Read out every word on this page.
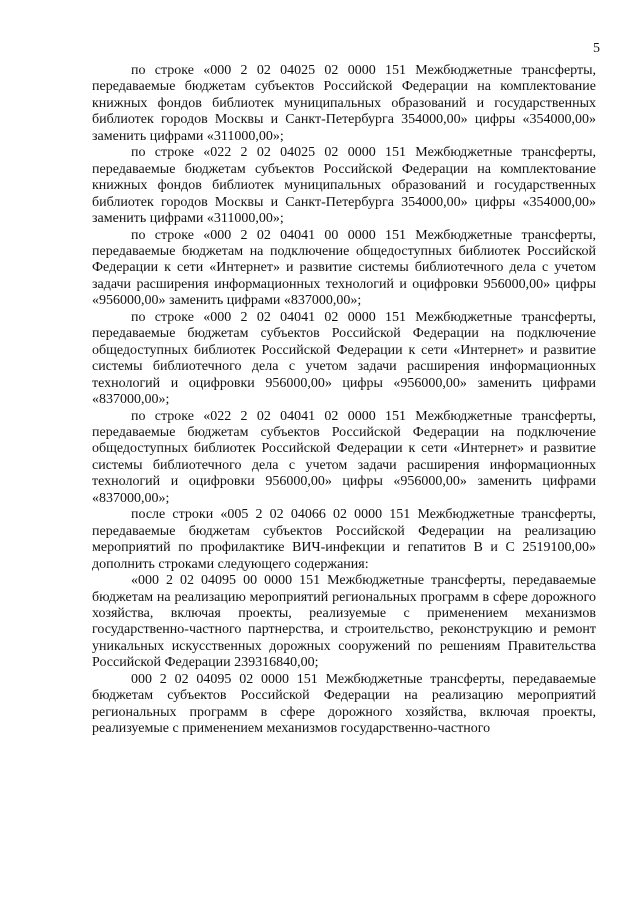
5

по строке «000 2 02 04025 02 0000 151 Межбюджетные трансферты, передаваемые бюджетам субъектов Российской Федерации на комплектование книжных фондов библиотек муниципальных образований и государственных библиотек городов Москвы и Санкт-Петербурга 354000,00» цифры «354000,00» заменить цифрами «311000,00»;

по строке «022 2 02 04025 02 0000 151 Межбюджетные трансферты, передаваемые бюджетам субъектов Российской Федерации на комплектование книжных фондов библиотек муниципальных образований и государственных библиотек городов Москвы и Санкт-Петербурга 354000,00» цифры «354000,00» заменить цифрами «311000,00»;

по строке «000 2 02 04041 00 0000 151 Межбюджетные трансферты, передаваемые бюджетам на подключение общедоступных библиотек Российской Федерации к сети «Интернет» и развитие системы библиотечного дела с учетом задачи расширения информационных технологий и оцифровки 956000,00» цифры «956000,00» заменить цифрами «837000,00»;

по строке «000 2 02 04041 02 0000 151 Межбюджетные трансферты, передаваемые бюджетам субъектов Российской Федерации на подключение общедоступных библиотек Российской Федерации к сети «Интернет» и развитие системы библиотечного дела с учетом задачи расширения информационных технологий и оцифровки 956000,00» цифры «956000,00» заменить цифрами «837000,00»;

по строке «022 2 02 04041 02 0000 151 Межбюджетные трансферты, передаваемые бюджетам субъектов Российской Федерации на подключение общедоступных библиотек Российской Федерации к сети «Интернет» и развитие системы библиотечного дела с учетом задачи расширения информационных технологий и оцифровки 956000,00» цифры «956000,00» заменить цифрами «837000,00»;

после строки «005 2 02 04066 02 0000 151 Межбюджетные трансферты, передаваемые бюджетам субъектов Российской Федерации на реализацию мероприятий по профилактике ВИЧ-инфекции и гепатитов В и С 2519100,00» дополнить строками следующего содержания:

«000 2 02 04095 00 0000 151 Межбюджетные трансферты, передаваемые бюджетам на реализацию мероприятий региональных программ в сфере дорожного хозяйства, включая проекты, реализуемые с применением механизмов государственно-частного партнерства, и строительство, реконструкцию и ремонт уникальных искусственных дорожных сооружений по решениям Правительства Российской Федерации 239316840,00;

000 2 02 04095 02 0000 151 Межбюджетные трансферты, передаваемые бюджетам субъектов Российской Федерации на реализацию мероприятий региональных программ в сфере дорожного хозяйства, включая проекты, реализуемые с применением механизмов государственно-частного
